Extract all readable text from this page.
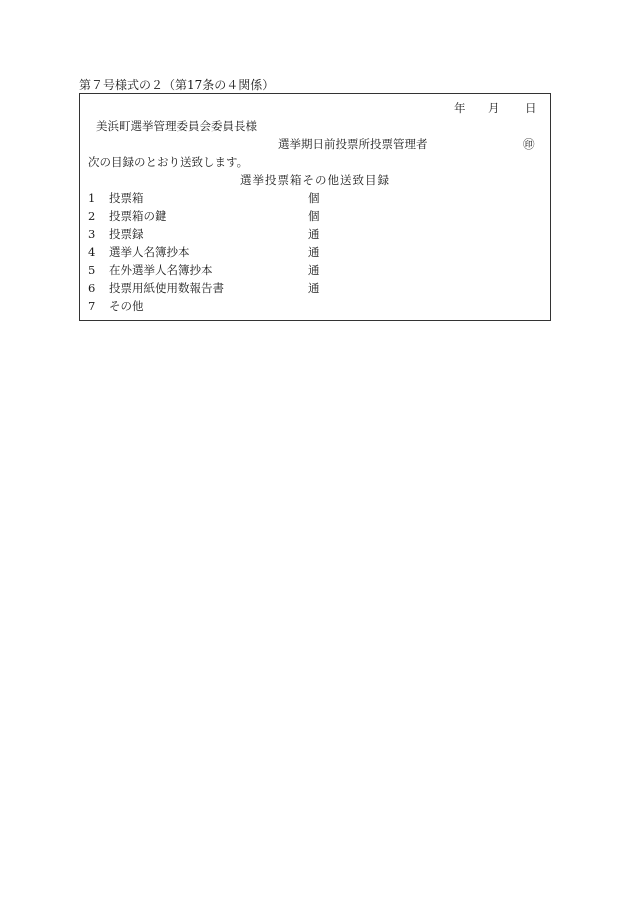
第７号様式の２（第17条の４関係）
年 月 日
美浜町選挙管理委員会委員長様
選挙期日前投票所投票管理者	㊞
次の目録のとおり送致します。
選挙投票箱その他送致目録
1 投票箱	個
2 投票箱の鍵	個
3 投票録	通
4 選挙人名簿抄本	通
5 在外選挙人名簿抄本	通
6 投票用紙使用数報告書	通
7 その他
